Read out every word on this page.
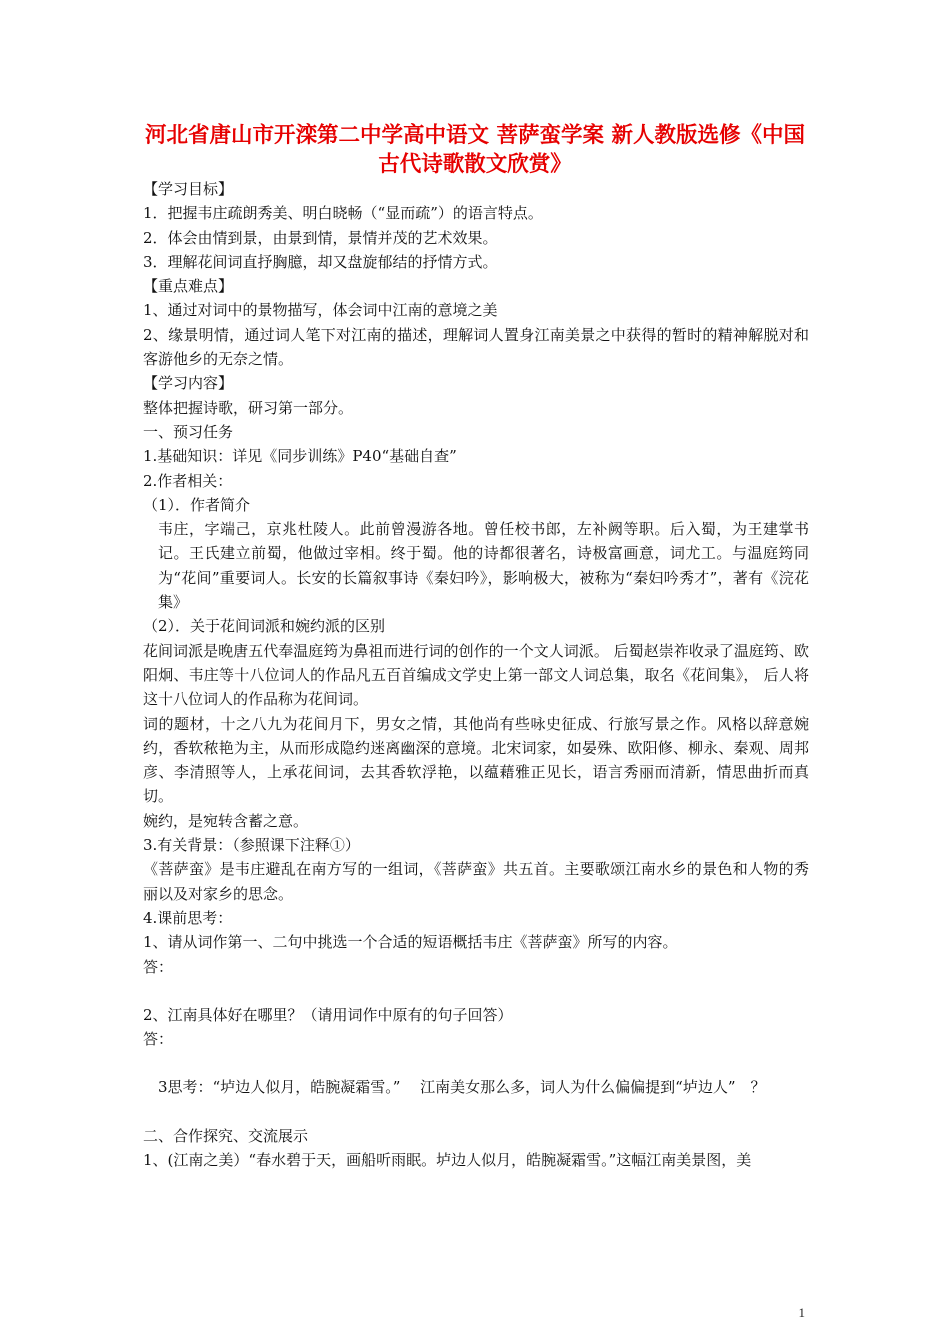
河北省唐山市开滦第二中学高中语文 菩萨蛮学案 新人教版选修《中国古代诗歌散文欣赏》

【学习目标】

1．把握韦庄疏朗秀美、明白晓畅（“显而疏”）的语言特点。

2．体会由情到景，由景到情，景情并茂的艺术效果。

3．理解花间词直抒胸臆，却又盘旋郁结的抒情方式。

【重点难点】

1、通过对词中的景物描写，体会词中江南的意境之美

2、缘景明情，通过词人笔下对江南的描述，理解词人置身江南美景之中获得的暂时的精神解脱对和客游他乡的无奈之情。

【学习内容】

整体把握诗歌，研习第一部分。

一、预习任务

1.基础知识：详见《同步训练》P40“基础自查”

2.作者相关：

（1）．作者简介

韦庄，字端己，京兆杜陵人。此前曾漫游各地。曾任校书郎，左补阙等职。后入蜀，为王建掌书记。王氏建立前蜀，他做过宰相。终于蜀。他的诗都很著名，诗极富画意，词尤工。与温庭筠同为“花间”重要词人。长安的长篇叙事诗《秦妇吟》，影响极大，被称为“秦妇吟秀才”，著有《浣花集》

（2）．关于花间词派和婉约派的区别

花间词派是晚唐五代奉温庭筠为鼻祖而进行词的创作的一个文人词派。 后蜀赵崇祚收录了温庭筠、欧阳炯、韦庄等十八位词人的作品凡五百首编成文学史上第一部文人词总集，取名《花间集》， 后人将这十八位词人的作品称为花间词。

词的题材，十之八九为花间月下，男女之情，其他尚有些咏史征成、行旅写景之作。风格以辞意婉约，香软秾艳为主，从而形成隐约迷离幽深的意境。北宋词家，如晏殊、欧阳修、柳永、秦观、周邦彦、李清照等人，上承花间词，去其香软浮艳，以蕴藉雅正见长，语言秀丽而清新，情思曲折而真切。

婉约，是宛转含蓄之意。

3.有关背景：（参照课下注释①）

《菩萨蛮》是韦庄避乱在南方写的一组词，《菩萨蛮》共五首。主要歌颂江南水乡的景色和人物的秀丽以及对家乡的思念。

4.课前思考：

1、请从词作第一、二句中挑选一个合适的短语概括韦庄《菩萨蛮》所写的内容。

答：

2、江南具体好在哪里？（请用词作中原有的句子回答）

答：

3思考：“垆边人似月，皓腕凝霜雪。”　 江南美女那么多，词人为什么偏偏提到“垆边人”　？

二、合作探究、交流展示

1、(江南之美）“春水碧于天，画船听雨眠。垆边人似月，皓腕凝霜雪。”这幅江南美景图，美

1
